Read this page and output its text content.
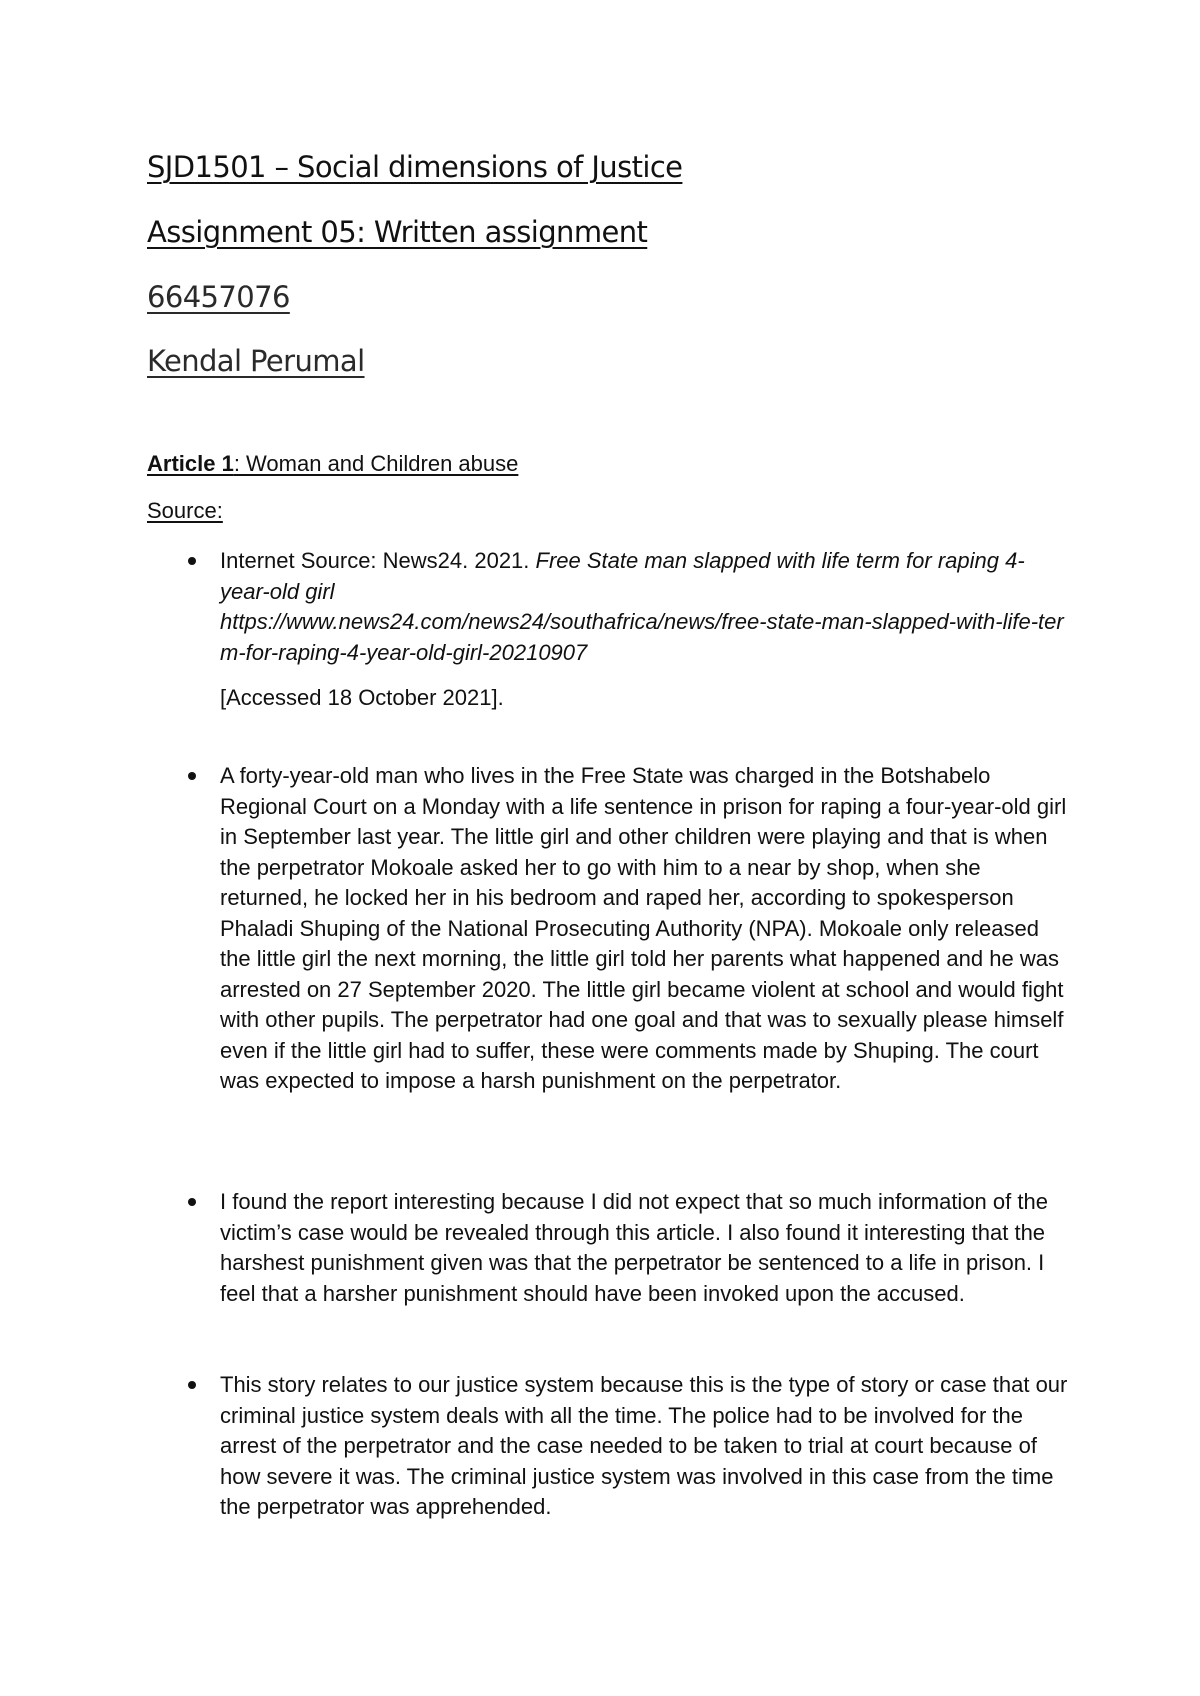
SJD1501 – Social dimensions of Justice
Assignment 05: Written assignment
66457076
Kendal Perumal
Article 1: Woman and Children abuse
Source:
Internet Source: News24. 2021. Free State man slapped with life term for raping 4-year-old girl
https://www.news24.com/news24/southafrica/news/free-state-man-slapped-with-life-term-for-raping-4-year-old-girl-20210907
[Accessed 18 October 2021].
A forty-year-old man who lives in the Free State was charged in the Botshabelo Regional Court on a Monday with a life sentence in prison for raping a four-year-old girl in September last year. The little girl and other children were playing and that is when the perpetrator Mokoale asked her to go with him to a near by shop, when she returned, he locked her in his bedroom and raped her, according to spokesperson Phaladi Shuping of the National Prosecuting Authority (NPA). Mokoale only released the little girl the next morning, the little girl told her parents what happened and he was arrested on 27 September 2020. The little girl became violent at school and would fight with other pupils. The perpetrator had one goal and that was to sexually please himself even if the little girl had to suffer, these were comments made by Shuping. The court was expected to impose a harsh punishment on the perpetrator.
I found the report interesting because I did not expect that so much information of the victim’s case would be revealed through this article. I also found it interesting that the harshest punishment given was that the perpetrator be sentenced to a life in prison. I feel that a harsher punishment should have been invoked upon the accused.
This story relates to our justice system because this is the type of story or case that our criminal justice system deals with all the time. The police had to be involved for the arrest of the perpetrator and the case needed to be taken to trial at court because of how severe it was. The criminal justice system was involved in this case from the time the perpetrator was apprehended.
